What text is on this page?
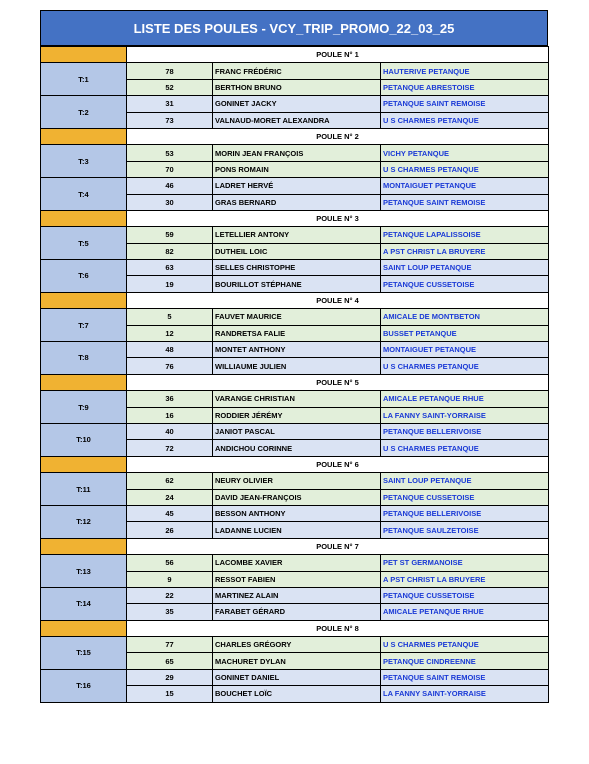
LISTE DES POULES - VCY_TRIP_PROMO_22_03_25
	POULE N° 1		
T:1	78	FRANC FRÉDÉRIC	HAUTERIVE PETANQUE
	52	BERTHON BRUNO	PETANQUE ABRESTOISE
T:2	31	GONINET JACKY	PETANQUE SAINT REMOISE
	73	VALNAUD-MORET ALEXANDRA	U S CHARMES PETANQUE
	POULE N° 2		
T:3	53	MORIN JEAN FRANÇOIS	VICHY PETANQUE
	70	PONS ROMAIN	U S CHARMES PETANQUE
T:4	46	LADRET HERVÉ	MONTAIGUET PETANQUE
	30	GRAS BERNARD	PETANQUE SAINT REMOISE
	POULE N° 3		
T:5	59	LETELLIER ANTONY	PETANQUE LAPALISSOISE
	82	DUTHEIL LOIC	A PST CHRIST LA BRUYERE
T:6	63	SELLES CHRISTOPHE	SAINT LOUP PETANQUE
	19	BOURILLOT STÉPHANE	PETANQUE CUSSETOISE
	POULE N° 4		
T:7	5	FAUVET MAURICE	AMICALE DE MONTBETON
	12	RANDRETSA FALIE	BUSSET PETANQUE
T:8	48	MONTET ANTHONY	MONTAIGUET PETANQUE
	76	WILLIAUME JULIEN	U S CHARMES PETANQUE
	POULE N° 5		
T:9	36	VARANGE CHRISTIAN	AMICALE PETANQUE RHUE
	16	RODDIER JÉRÉMY	LA FANNY SAINT-YORRAISE
T:10	40	JANIOT PASCAL	PETANQUE BELLERIVOISE
	72	ANDICHOU CORINNE	U S CHARMES PETANQUE
	POULE N° 6		
T:11	62	NEURY OLIVIER	SAINT LOUP PETANQUE
	24	DAVID JEAN-FRANÇOIS	PETANQUE CUSSETOISE
T:12	45	BESSON ANTHONY	PETANQUE BELLERIVOISE
	26	LADANNE LUCIEN	PETANQUE SAULZETOISE
	POULE N° 7		
T:13	56	LACOMBE XAVIER	PET ST GERMANOISE
	9	RESSOT FABIEN	A PST CHRIST LA BRUYERE
T:14	22	MARTINEZ ALAIN	PETANQUE CUSSETOISE
	35	FARABET GÉRARD	AMICALE PETANQUE RHUE
	POULE N° 8		
T:15	77	CHARLES GRÉGORY	U S CHARMES PETANQUE
	65	MACHURET DYLAN	PETANQUE CINDREENNE
T:16	29	GONINET DANIEL	PETANQUE SAINT REMOISE
	15	BOUCHET LOÏC	LA FANNY SAINT-YORRAISE
